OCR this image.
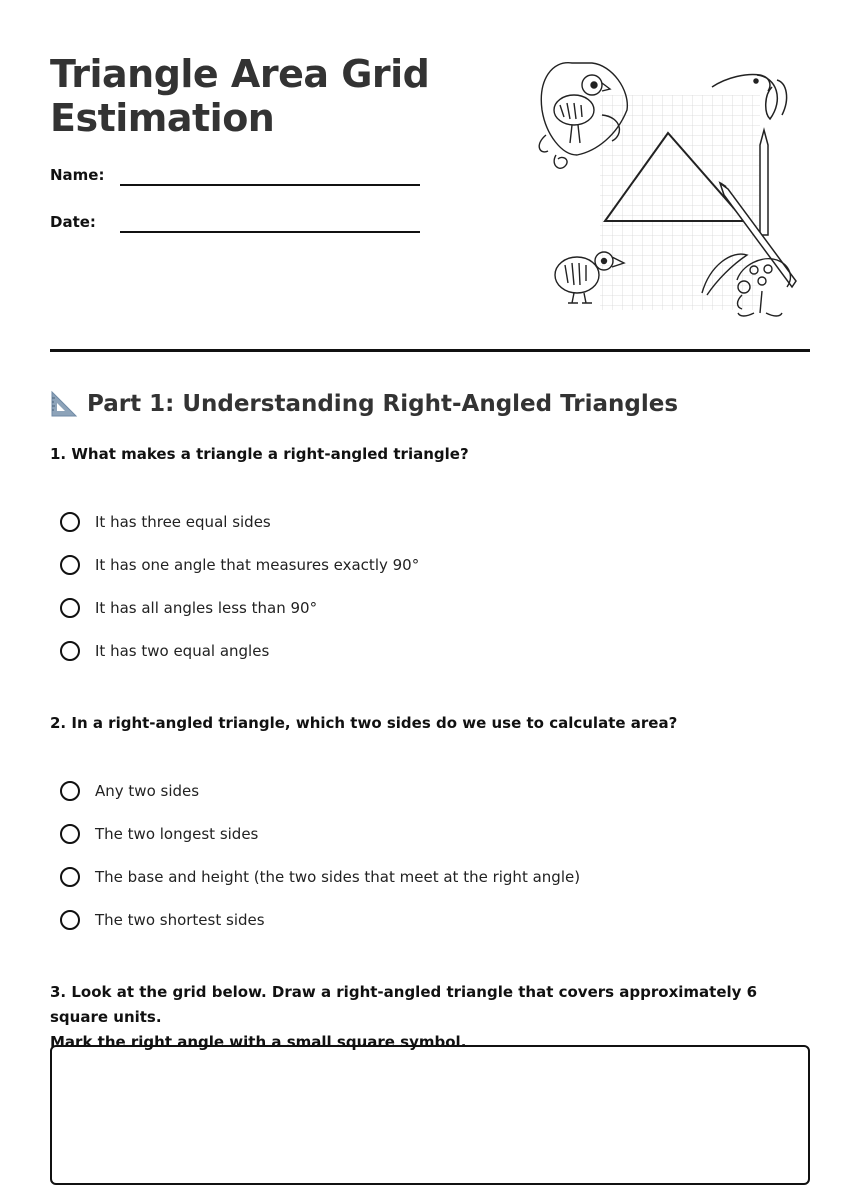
Triangle Area Grid Estimation
Name:
Date:
Part 1: Understanding Right-Angled Triangles
1. What makes a triangle a right-angled triangle?
It has three equal sides
It has one angle that measures exactly 90°
It has all angles less than 90°
It has two equal angles
2. In a right-angled triangle, which two sides do we use to calculate area?
Any two sides
The two longest sides
The base and height (the two sides that meet at the right angle)
The two shortest sides
3. Look at the grid below. Draw a right-angled triangle that covers approximately 6 square units.
Mark the right angle with a small square symbol.
